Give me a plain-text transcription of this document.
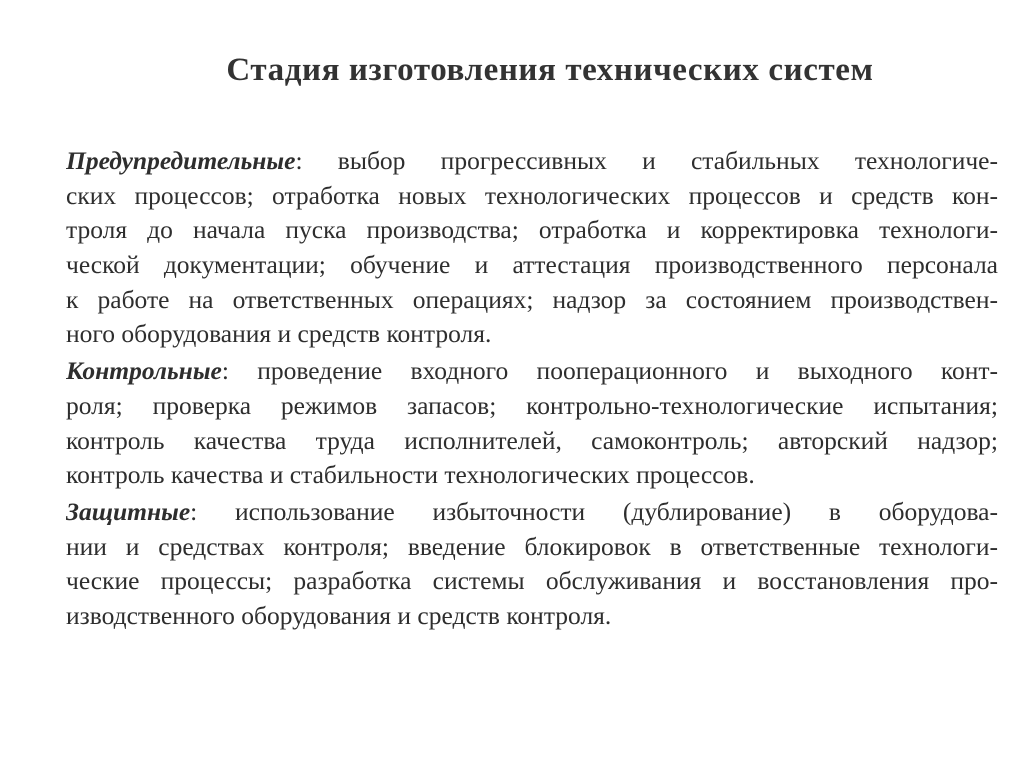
Стадия изготовления технических систем
Предупредительные: выбор прогрессивных и стабильных технологиче-
ских процессов; отработка новых технологических процессов и средств кон-
троля до начала пуска производства; отработка и корректировка технологи-
ческой документации; обучение и аттестация производственного персонала
к работе на ответственных операциях; надзор за состоянием производствен-
ного оборудования и средств контроля.
Контрольные: проведение входного пооперационного и выходного конт-
роля; проверка режимов запасов; контрольно-технологические испытания;
контроль качества труда исполнителей, самоконтроль; авторский надзор;
контроль качества и стабильности технологических процессов.
Защитные: использование избыточности (дублирование) в оборудова-
нии и средствах контроля; введение блокировок в ответственные технологи-
ческие процессы; разработка системы обслуживания и восстановления про-
изводственного оборудования и средств контроля.
